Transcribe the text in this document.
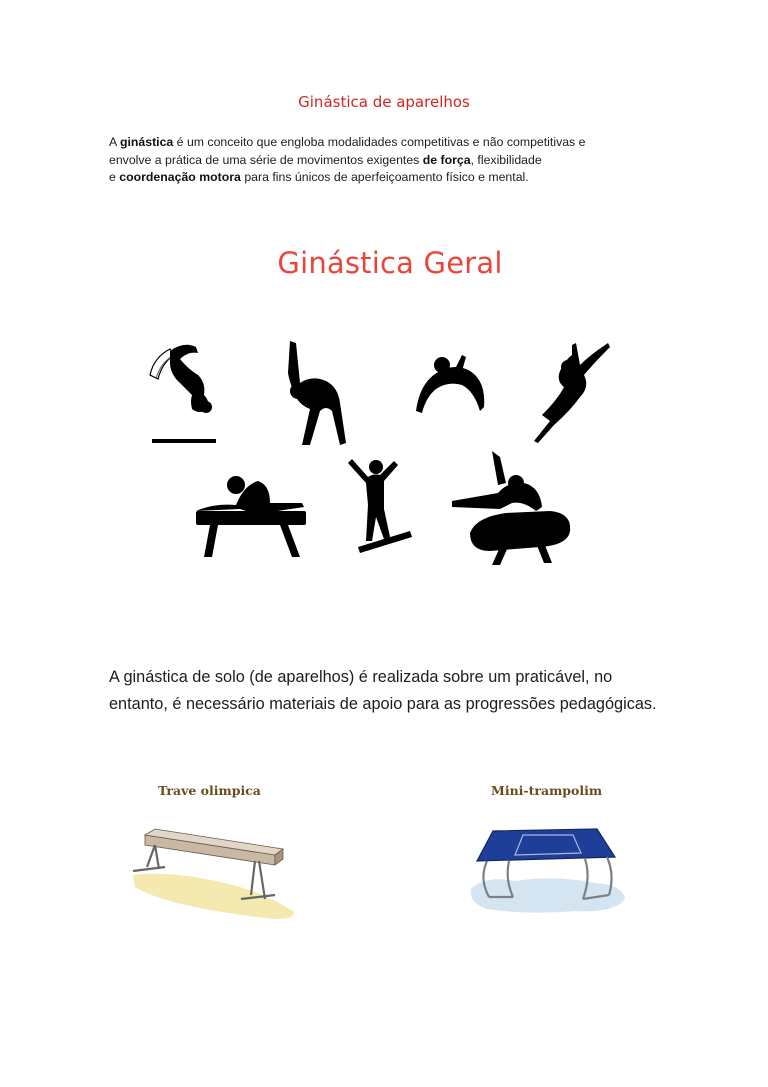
Ginástica de aparelhos
A ginástica é um conceito que engloba modalidades competitivas e não competitivas e
envolve a prática de uma série de movimentos exigentes de força, flexibilidade
e coordenação motora para fins únicos de aperfeiçoamento físico e mental.
Ginástica Geral
A ginástica de solo (de aparelhos) é realizada sobre um praticável, no
entanto, é necessário materiais de apoio para as progressões pedagógicas.
Trave olimpica	Mini-trampolim
